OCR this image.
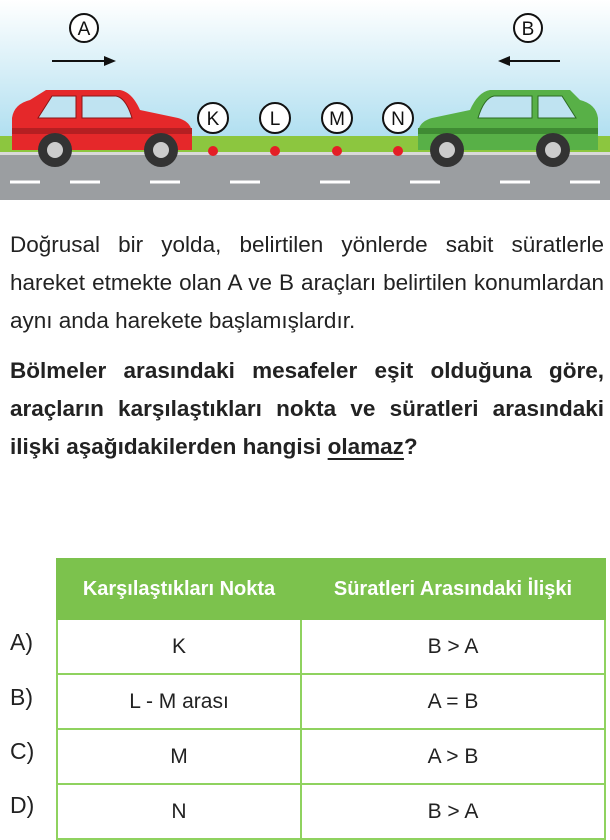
A	B
K	L	M N

Doğrusal bir yolda, belirtilen yönlerde sabit süratlerle hareket etmekte olan A ve B araçları belirtilen konumlardan aynı anda harekete başlamışlardır.

Bölmeler arasındaki mesafeler eşit olduğuna göre, araçların karşılaştıkları nokta ve süratleri arasındaki ilişki aşağıdakilerden hangisi olamaz?

Karşılaştıkları Nokta	Süratleri Arasındaki İlişki
K	B > A
L - M arası	A = B
M	A > B
N	B > A
A)
B)
C)
D)
